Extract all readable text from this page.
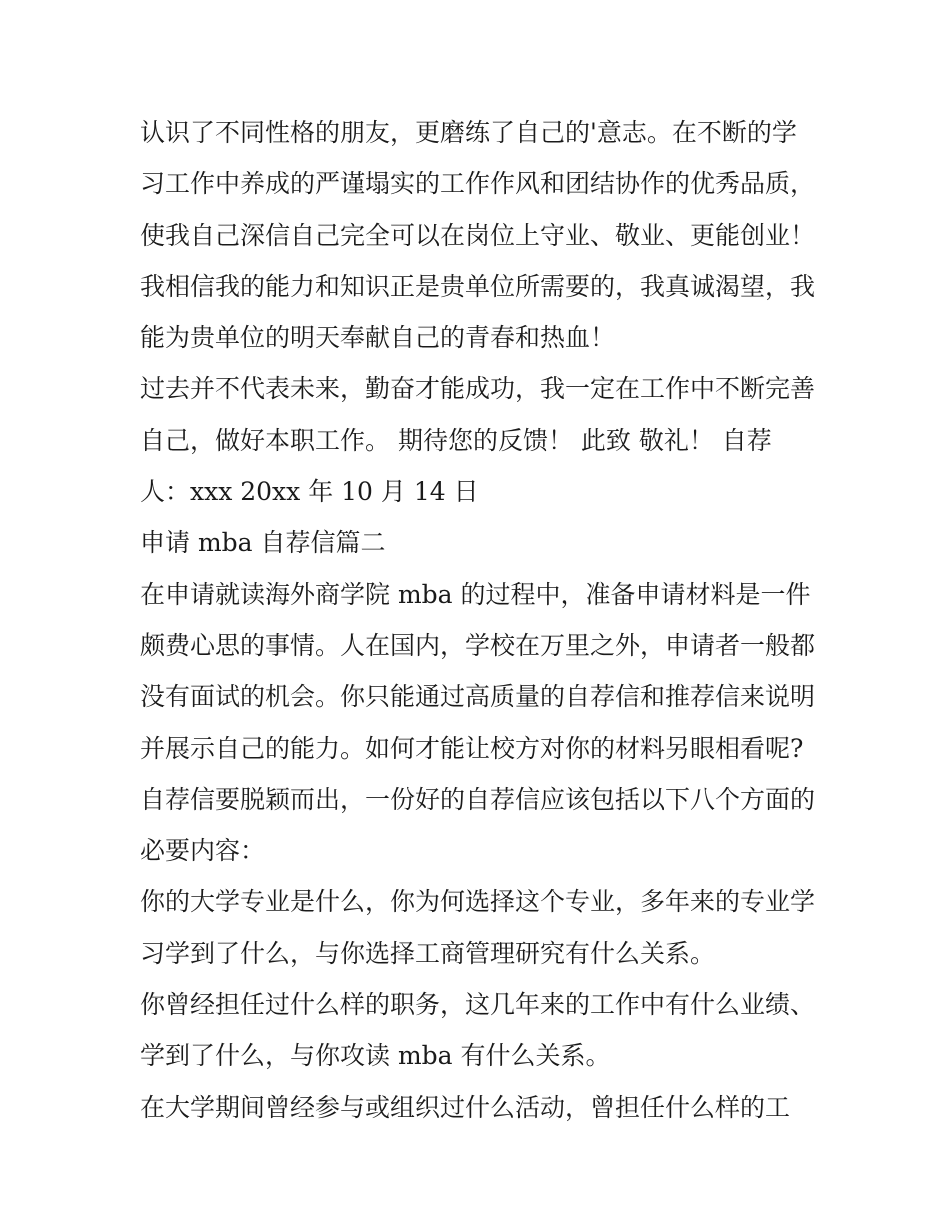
认识了不同性格的朋友，更磨练了自己的'意志。在不断的学
习工作中养成的严谨塌实的工作作风和团结协作的优秀品质，
使我自己深信自己完全可以在岗位上守业、敬业、更能创业！
我相信我的能力和知识正是贵单位所需要的，我真诚渴望，我
能为贵单位的明天奉献自己的青春和热血！
过去并不代表未来，勤奋才能成功，我一定在工作中不断完善
自己，做好本职工作。 期待您的反馈！ 此致 敬礼！ 自荐
人：xxx 20xx 年 10 月 14 日
申请 mba 自荐信篇二
在申请就读海外商学院 mba 的过程中，准备申请材料是一件
颇费心思的事情。人在国内，学校在万里之外，申请者一般都
没有面试的机会。你只能通过高质量的自荐信和推荐信来说明
并展示自己的能力。如何才能让校方对你的材料另眼相看呢?
自荐信要脱颖而出，一份好的自荐信应该包括以下八个方面的
必要内容：
你的大学专业是什么，你为何选择这个专业，多年来的专业学
习学到了什么，与你选择工商管理研究有什么关系。
你曾经担任过什么样的职务，这几年来的工作中有什么业绩、
学到了什么，与你攻读 mba 有什么关系。
在大学期间曾经参与或组织过什么活动，曾担任什么样的工
